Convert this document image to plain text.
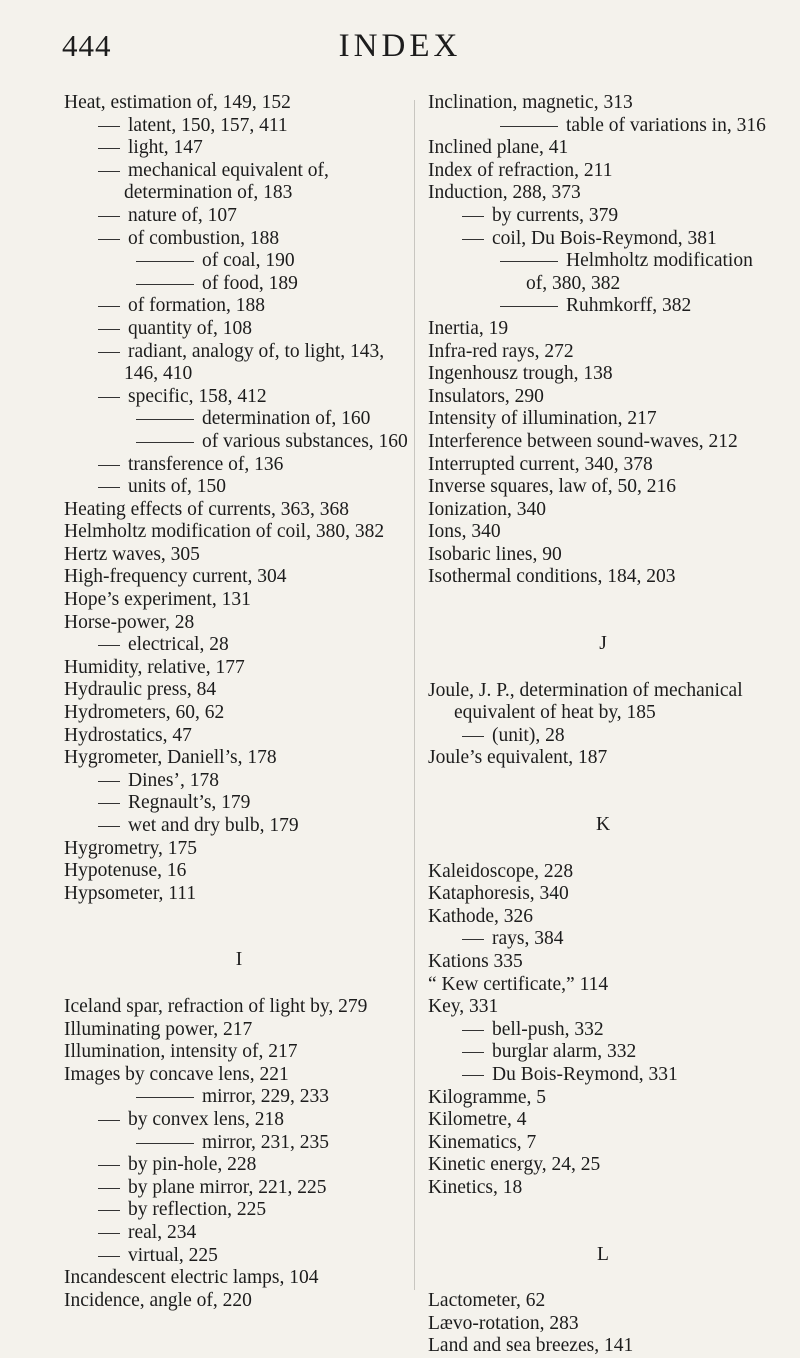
444	INDEX

Heat, estimation of, 149, 152

latent, 150, 157, 411

light, 147

mechanical equivalent of, determination of, 183

nature of, 107

of combustion, 188

of coal, 190

of food, 189

of formation, 188

quantity of, 108

radiant, analogy of, to light, 143, 146, 410

specific, 158, 412

determination of, 160

of various substances, 160

transference of, 136

units of, 150

Heating effects of currents, 363, 368

Helmholtz modification of coil, 380, 382

Hertz waves, 305

High-frequency current, 304

Hope’s experiment, 131

Horse-power, 28

electrical, 28

Humidity, relative, 177

Hydraulic press, 84

Hydrometers, 60, 62

Hydrostatics, 47

Hygrometer, Daniell’s, 178

Dines’, 178

Regnault’s, 179

wet and dry bulb, 179

Hygrometry, 175

Hypotenuse, 16

Hypsometer, 111

I

Iceland spar, refraction of light by, 279

Illuminating power, 217

Illumination, intensity of, 217

Images by concave lens, 221

mirror, 229, 233

by convex lens, 218

mirror, 231, 235

by pin-hole, 228

by plane mirror, 221, 225

by reflection, 225

real, 234

virtual, 225

Incandescent electric lamps, 104

Incidence, angle of, 220

Inclination, magnetic, 313

table of variations in, 316

Inclined plane, 41

Index of refraction, 211

Induction, 288, 373

by currents, 379

coil, Du Bois-Reymond, 381

Helmholtz modification of, 380, 382

Ruhmkorff, 382

Inertia, 19

Infra-red rays, 272

Ingenhousz trough, 138

Insulators, 290

Intensity of illumination, 217

Interference between sound-waves, 212

Interrupted current, 340, 378

Inverse squares, law of, 50, 216

Ionization, 340

Ions, 340

Isobaric lines, 90

Isothermal conditions, 184, 203

J

Joule, J. P., determination of mechanical equivalent of heat by, 185

(unit), 28

Joule’s equivalent, 187

K

Kaleidoscope, 228

Kataphoresis, 340

Kathode, 326

rays, 384

Kations 335

“ Kew certificate,” 114

Key, 331

bell-push, 332

burglar alarm, 332

Du Bois-Reymond, 331

Kilogramme, 5

Kilometre, 4

Kinematics, 7

Kinetic energy, 24, 25

Kinetics, 18

L

Lactometer, 62

Lævo-rotation, 283

Land and sea breezes, 141
